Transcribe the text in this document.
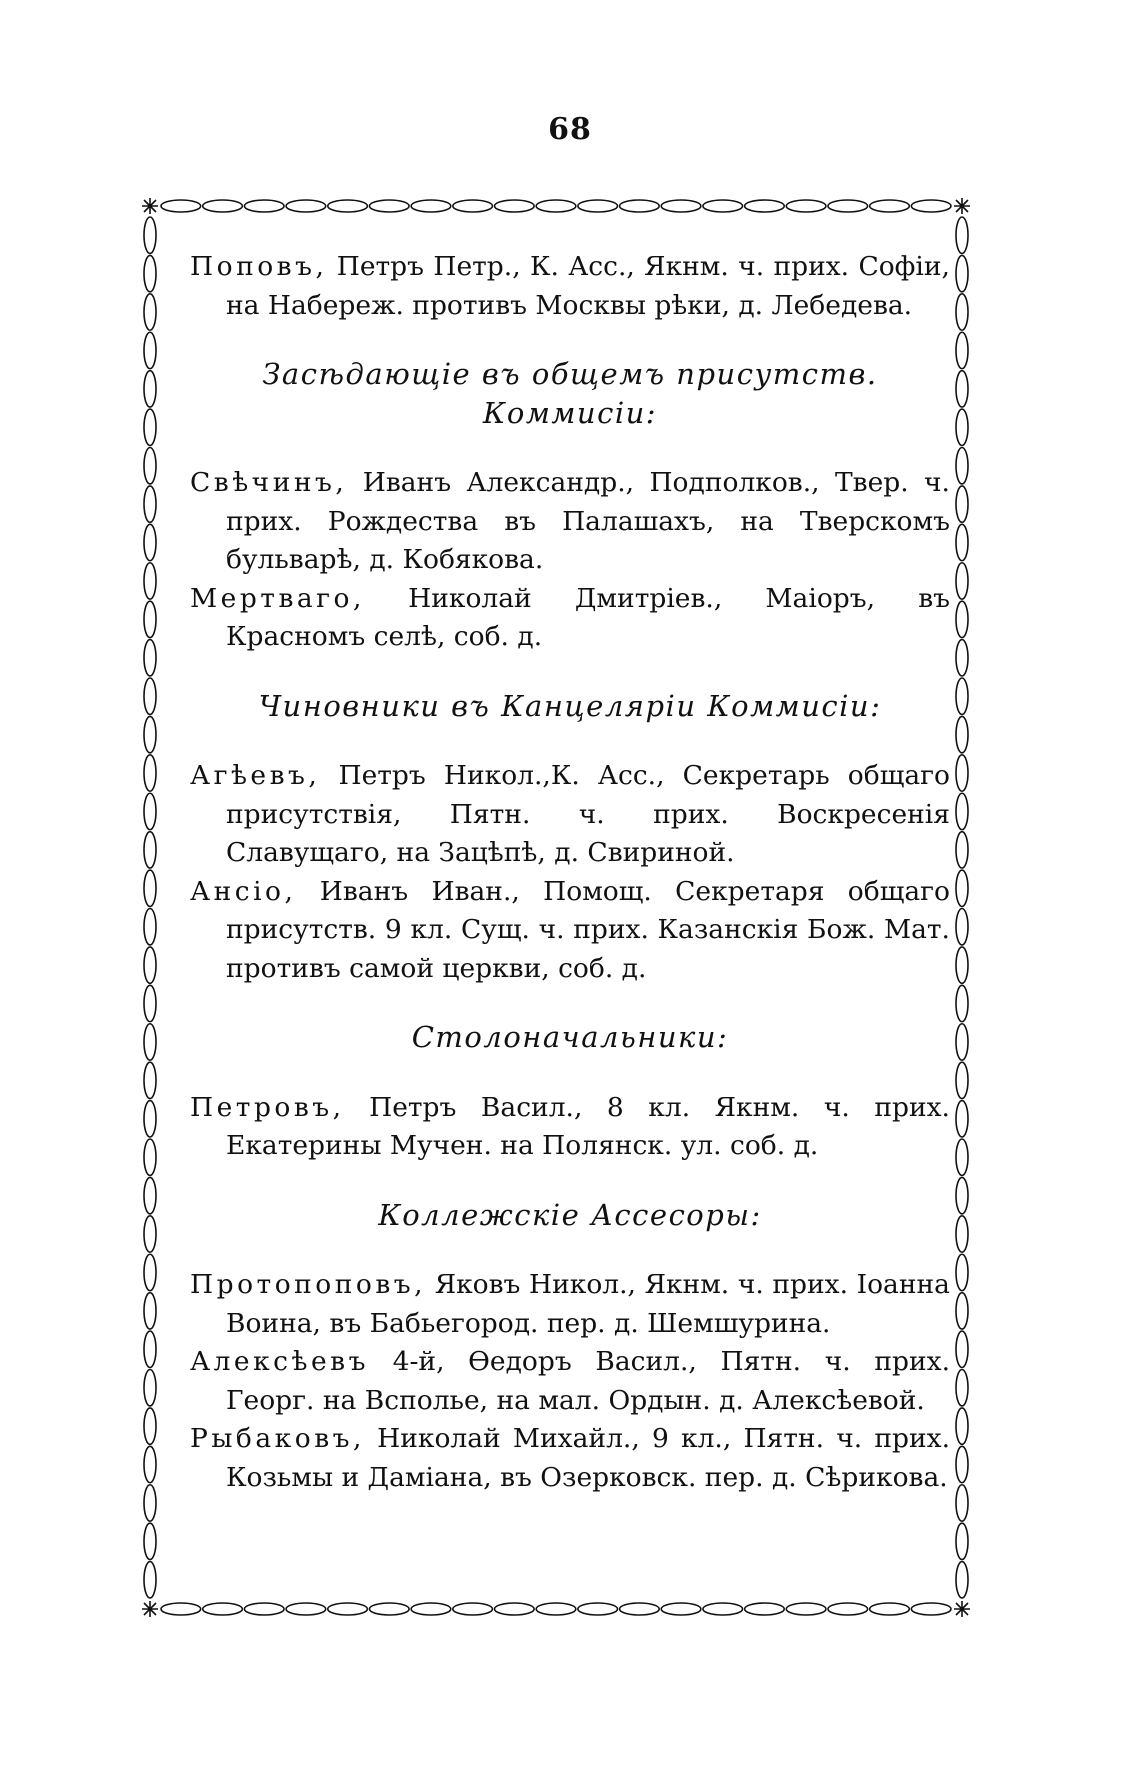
68

Поповъ, Петръ Петр., К. Асс., Якнм. ч. прих. Софіи, на Набереж. противъ Москвы рѣки, д. Лебедева.

Засѣдающіе въ общемъ присутств. Коммисіи:

Свѣчинъ, Иванъ Александр., Подполков., Твер. ч. прих. Рождества въ Палашахъ, на Тверскомъ бульварѣ, д. Кобякова.

Мертваго, Николай Дмитріев., Маіоръ, въ Красномъ селѣ, соб. д.

Чиновники въ Канцеляріи Коммисіи:

Агѣевъ, Петръ Никол.,К. Асс., Секретарь общаго присутствія, Пятн. ч. прих. Воскресенія Славущаго, на Зацѣпѣ, д. Свириной.

Ансіо, Иванъ Иван., Помощ. Секретаря общаго присутств. 9 кл. Сущ. ч. прих. Казанскія Бож. Мат. противъ самой церкви, соб. д.

Столоначальники:

Петровъ, Петръ Васил., 8 кл. Якнм. ч. прих. Екатерины Мучен. на Полянск. ул. соб. д.

Коллежскіе Ассесоры:

Протопоповъ, Яковъ Никол., Якнм. ч. прих. Іоанна Воина, въ Бабьегород. пер. д. Шемшурина.

Алексѣевъ 4-й, Ѳедоръ Васил., Пятн. ч. прих. Георг. на Всполье, на мал. Ордын. д. Алексѣевой.

Рыбаковъ, Николай Михайл., 9 кл., Пятн. ч. прих. Козьмы и Даміана, въ Озерковск. пер. д. Сѣрикова.
